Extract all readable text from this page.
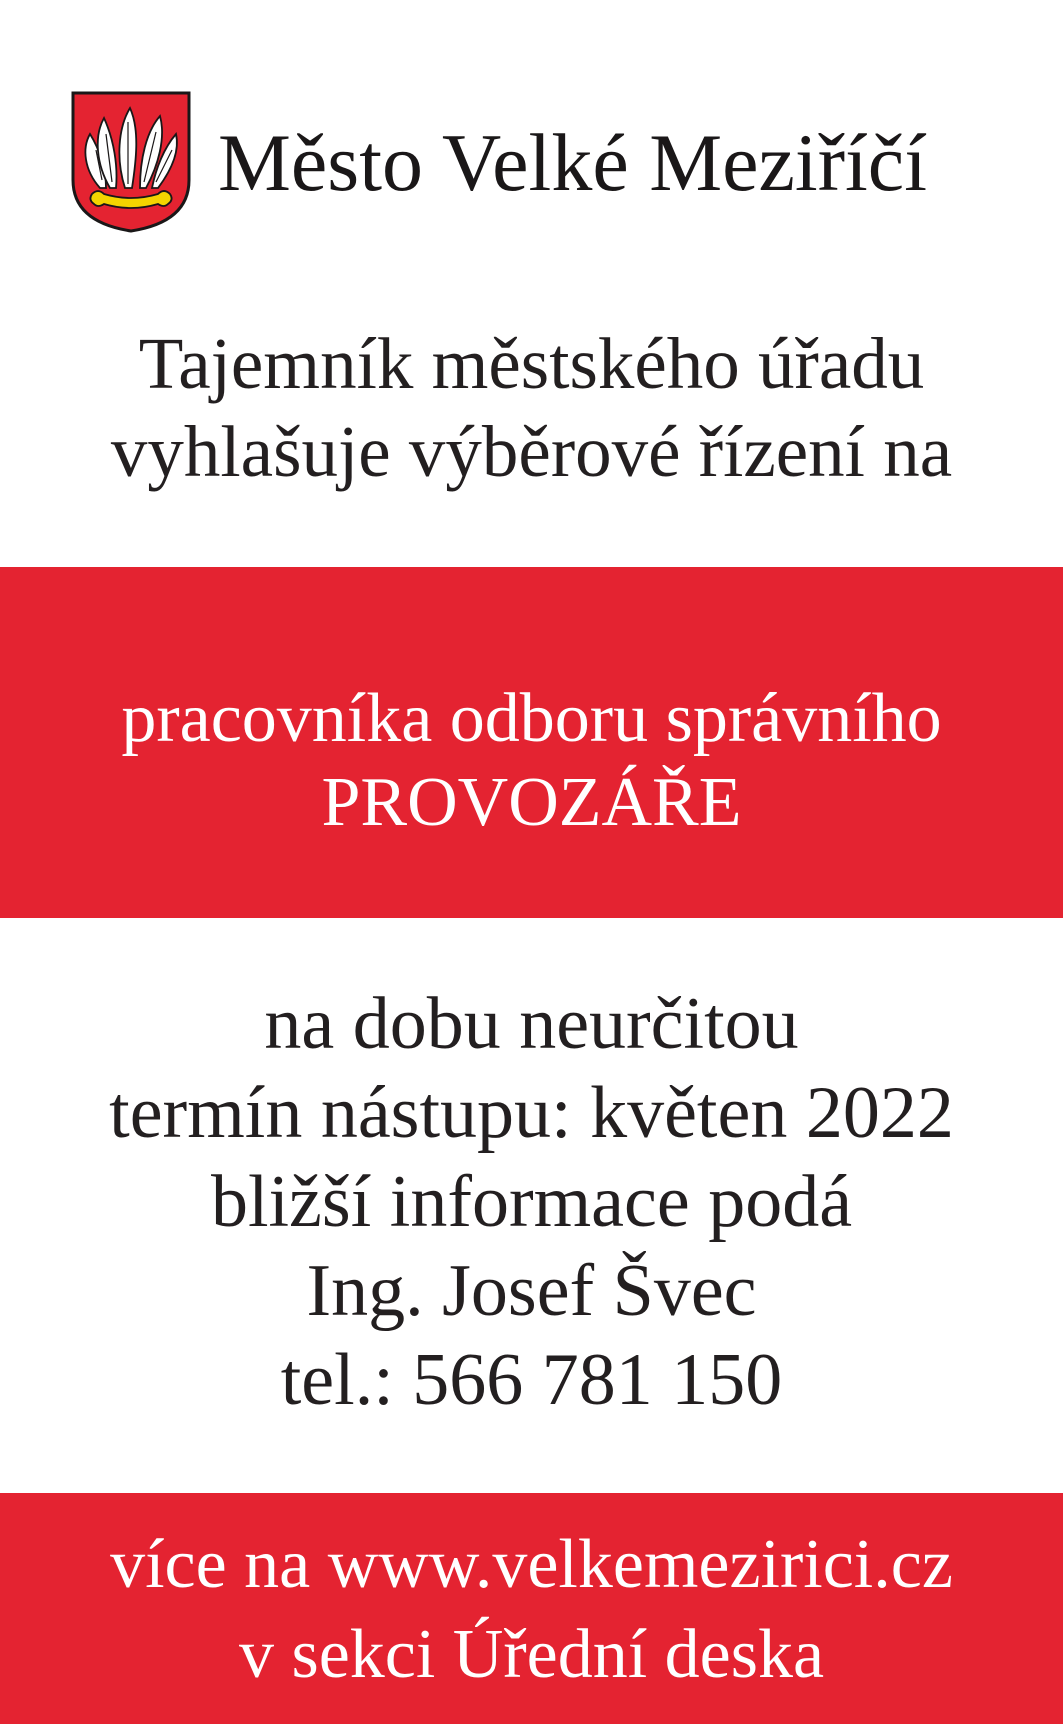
Město Velké Meziříčí
Tajemník městského úřadu
vyhlašuje výběrové řízení na
pracovníka odboru správního
PROVOZÁŘE
na dobu neurčitou
termín nástupu: květen 2022
bližší informace podá
Ing. Josef Švec
tel.: 566 781 150
více na www.velkemezirici.cz
v sekci Úřední deska
